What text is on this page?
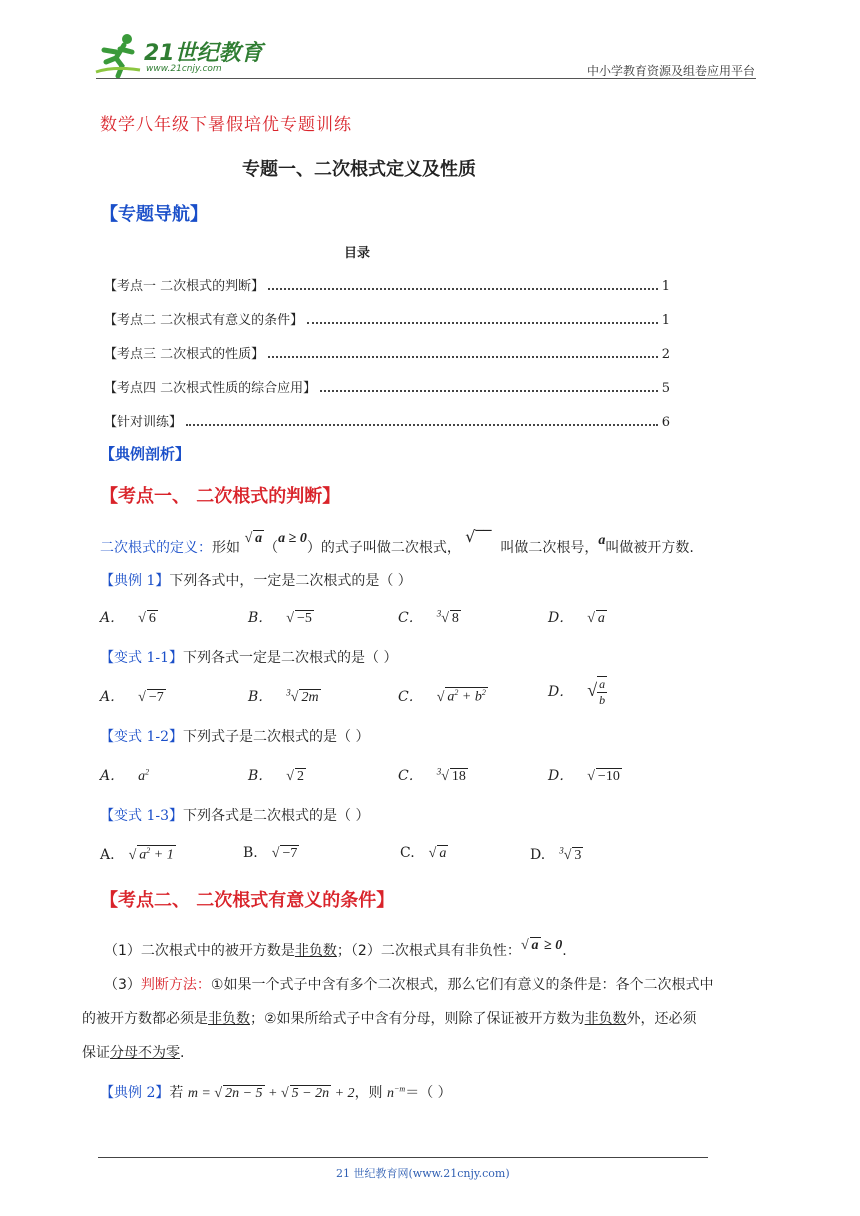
21世纪教育
www.21cnjy.com	中小学教育资源及组卷应用平台
数学八年级下暑假培优专题训练
专题一、二次根式定义及性质
【专题导航】
目录
【考点一 二次根式的判断】	1
【考点二 二次根式有意义的条件】	1
【考点三 二次根式的性质】	2
【考点四 二次根式性质的综合应用】	5
【针对训练】	6
【典例剖析】
【考点一、 二次根式的判断】
二次根式的定义：形如 √ a（a ≥ 0）的式子叫做二次根式， √‾‾  叫做二次根号，a叫做被开方数.
【典例 1】下列各式中，一定是二次根式的是（ ）
A． √ 6	B． √ −5	C． $^3$√ 8	D． √ a
【变式 1-1】下列各式一定是二次根式的是（ ）
A． √ −7	B． $^3$√ 2m	C． √ $a^2 + b^2$	D． √ $\frac{a}{b}$
【变式 1-2】下列式子是二次根式的是（ ）
A． $a^2$	B． √ 2	C． $^3$√ 18	D． √ −10
【变式 1-3】下列各式是二次根式的是（ ）
A. √ $a^2 + 1$	B. √ −7	C. √ a	D. $^3$√ 3
【考点二、 二次根式有意义的条件】
（1）二次根式中的被开方数是非负数；（2）二次根式具有非负性：√ a ≥ 0.
（3）判断方法：①如果一个式子中含有多个二次根式，那么它们有意义的条件是：各个二次根式中
的被开方数都必须是非负数；②如果所给式子中含有分母，则除了保证被开方数为非负数外，还必须
保证分母不为零.
【典例 2】若 m = √ 2n − 5 + √ 5 − 2n + 2，则 $n^{-m}=$（ ）
21 世纪教育网(www.21cnjy.com)
